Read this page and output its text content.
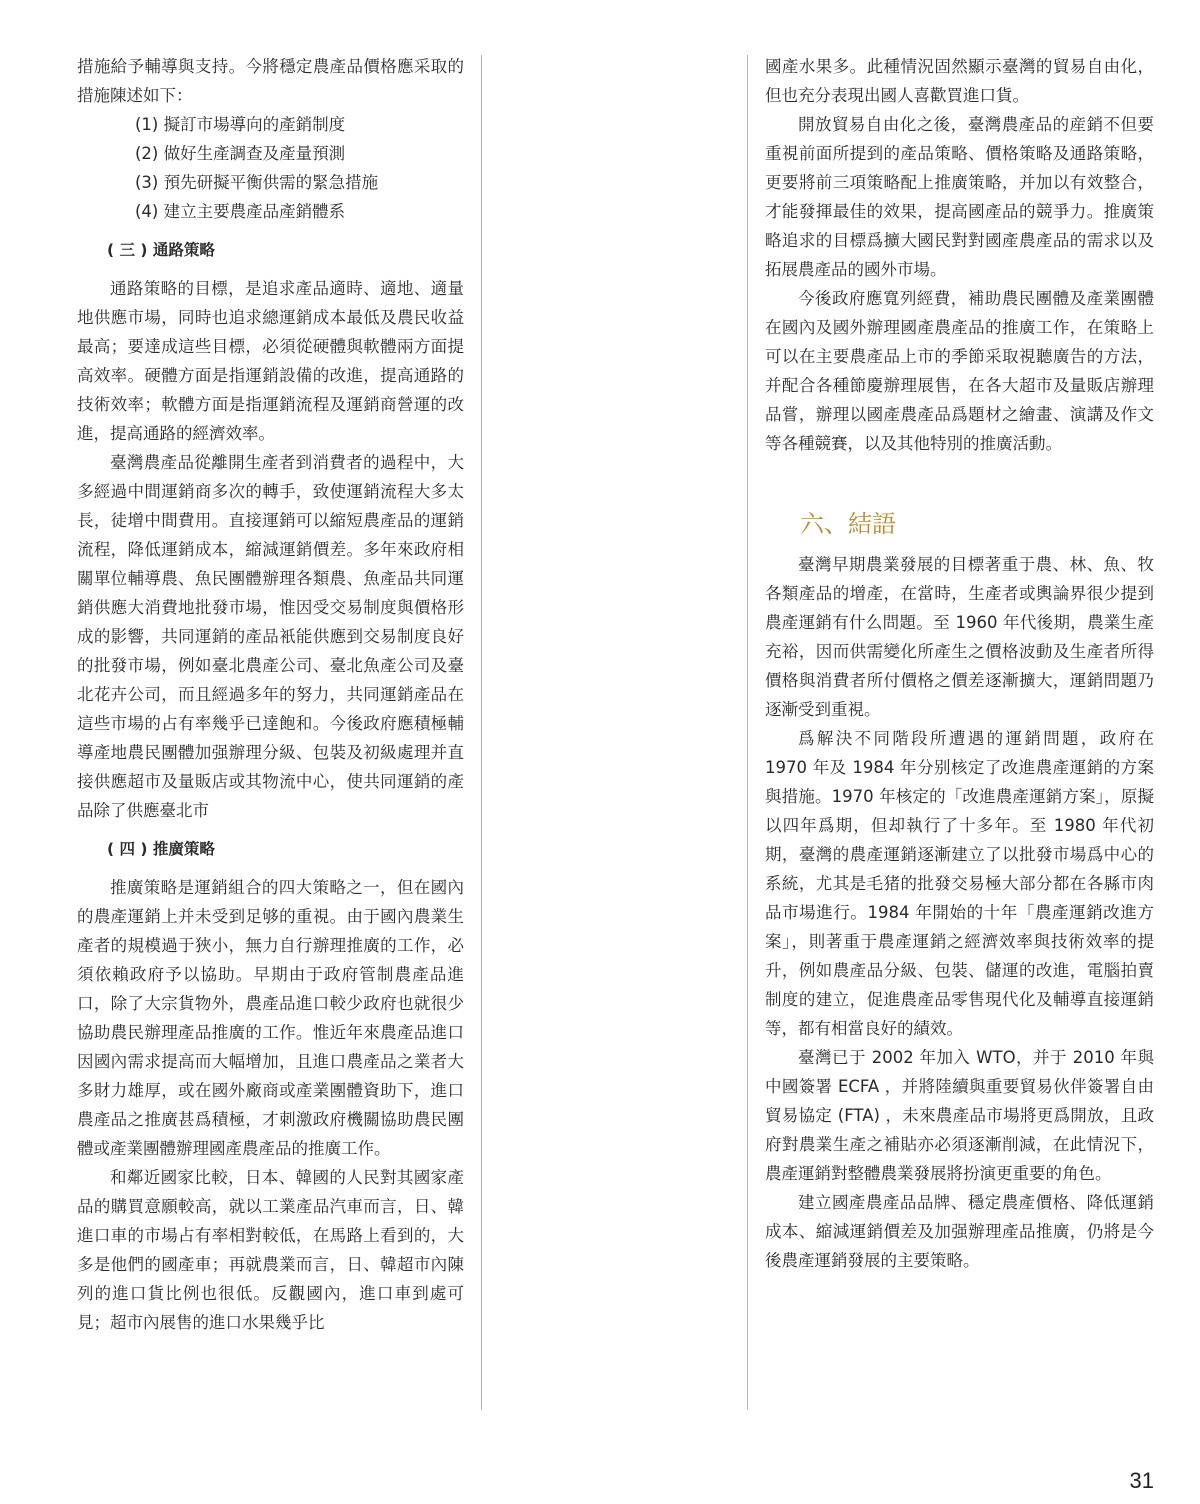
措施給予輔導與支持。今將穩定農產品價格應采取的措施陳述如下：

(1) 擬訂市場導向的產銷制度
(2) 做好生產調查及產量預測
(3) 預先研擬平衡供需的緊急措施
(4) 建立主要農產品產銷體系
( 三 ) 通路策略

通路策略的目標，是追求產品適時、適地、適量地供應市場，同時也追求總運銷成本最低及農民收益最高；要達成這些目標，必須從硬體與軟體兩方面提高效率。硬體方面是指運銷設備的改進，提高通路的技術效率；軟體方面是指運銷流程及運銷商營運的改進，提高通路的經濟效率。

臺灣農產品從離開生產者到消費者的過程中，大多經過中間運銷商多次的轉手，致使運銷流程大多太長，徒增中間費用。直接運銷可以縮短農產品的運銷流程，降低運銷成本，縮減運銷價差。多年來政府相關單位輔導農、魚民團體辦理各類農、魚產品共同運銷供應大消費地批發市場，惟因受交易制度與價格形成的影響，共同運銷的產品衹能供應到交易制度良好的批發市場，例如臺北農產公司、臺北魚產公司及臺北花卉公司，而且經過多年的努力，共同運銷產品在這些市場的占有率幾乎已達飽和。今後政府應積極輔導產地農民團體加强辦理分級、包裝及初級處理并直接供應超市及量販店或其物流中心，使共同運銷的產品除了供應臺北市

( 四 ) 推廣策略

推廣策略是運銷組合的四大策略之一，但在國內的農產運銷上并未受到足够的重視。由于國內農業生產者的規模過于狹小，無力自行辦理推廣的工作，必須依賴政府予以協助。早期由于政府管制農產品進口，除了大宗貨物外，農產品進口較少政府也就很少協助農民辦理產品推廣的工作。惟近年來農產品進口因國內需求提高而大幅增加，且進口農產品之業者大多財力雄厚，或在國外廠商或產業團體資助下，進口農產品之推廣甚爲積極，才刺激政府機關協助農民團體或產業團體辦理國產農產品的推廣工作。

和鄰近國家比較，日本、韓國的人民對其國家產品的購買意願較高，就以工業產品汽車而言，日、韓進口車的市場占有率相對較低，在馬路上看到的，大多是他們的國產車；再就農業而言，日、韓超市內陳列的進口貨比例也很低。反觀國內，進口車到處可見；超市內展售的進口水果幾乎比

國產水果多。此種情況固然顯示臺灣的貿易自由化，但也充分表現出國人喜歡買進口貨。

開放貿易自由化之後，臺灣農產品的産銷不但要重視前面所提到的產品策略、價格策略及通路策略，更要將前三項策略配上推廣策略，并加以有效整合，才能發揮最佳的效果，提高國產品的競爭力。推廣策略追求的目標爲擴大國民對對國產農產品的需求以及拓展農產品的國外市場。

今後政府應寬列經費，補助農民團體及產業團體在國內及國外辦理國產農產品的推廣工作，在策略上可以在主要農產品上市的季節采取視聽廣告的方法，并配合各種節慶辦理展售，在各大超市及量販店辦理品嘗，辦理以國產農產品爲題材之繪畫、演講及作文等各種競賽，以及其他特別的推廣活動。

六、結語

臺灣早期農業發展的目標著重于農、林、魚、牧各類產品的增產，在當時，生產者或輿論界很少提到農產運銷有什么問題。至 1960 年代後期，農業生產充裕，因而供需變化所產生之價格波動及生產者所得價格與消費者所付價格之價差逐漸擴大，運銷問題乃逐漸受到重視。

爲解決不同階段所遭遇的運銷問題，政府在 1970 年及 1984 年分别核定了改進農產運銷的方案與措施。1970 年核定的「改進農產運銷方案」，原擬以四年爲期，但却執行了十多年。至 1980 年代初期，臺灣的農產運銷逐漸建立了以批發市場爲中心的系統，尤其是毛猪的批發交易極大部分都在各縣市肉品市場進行。1984 年開始的十年「農產運銷改進方案」，則著重于農產運銷之經濟效率與技術效率的提升，例如農產品分級、包裝、儲運的改進，電腦拍賣制度的建立，促進農產品零售現代化及輔導直接運銷等，都有相當良好的績效。

臺灣已于 2002 年加入 WTO，并于 2010 年與中國簽署 ECFA ，并將陸續與重要貿易伙伴簽署自由貿易協定 (FTA) ，未來農產品市場將更爲開放，且政府對農業生產之補貼亦必須逐漸削減，在此情況下，農產運銷對整體農業發展將扮演更重要的角色。

建立國產農產品品牌、穩定農產價格、降低運銷成本、縮減運銷價差及加强辦理產品推廣，仍將是今後農產運銷發展的主要策略。

31
